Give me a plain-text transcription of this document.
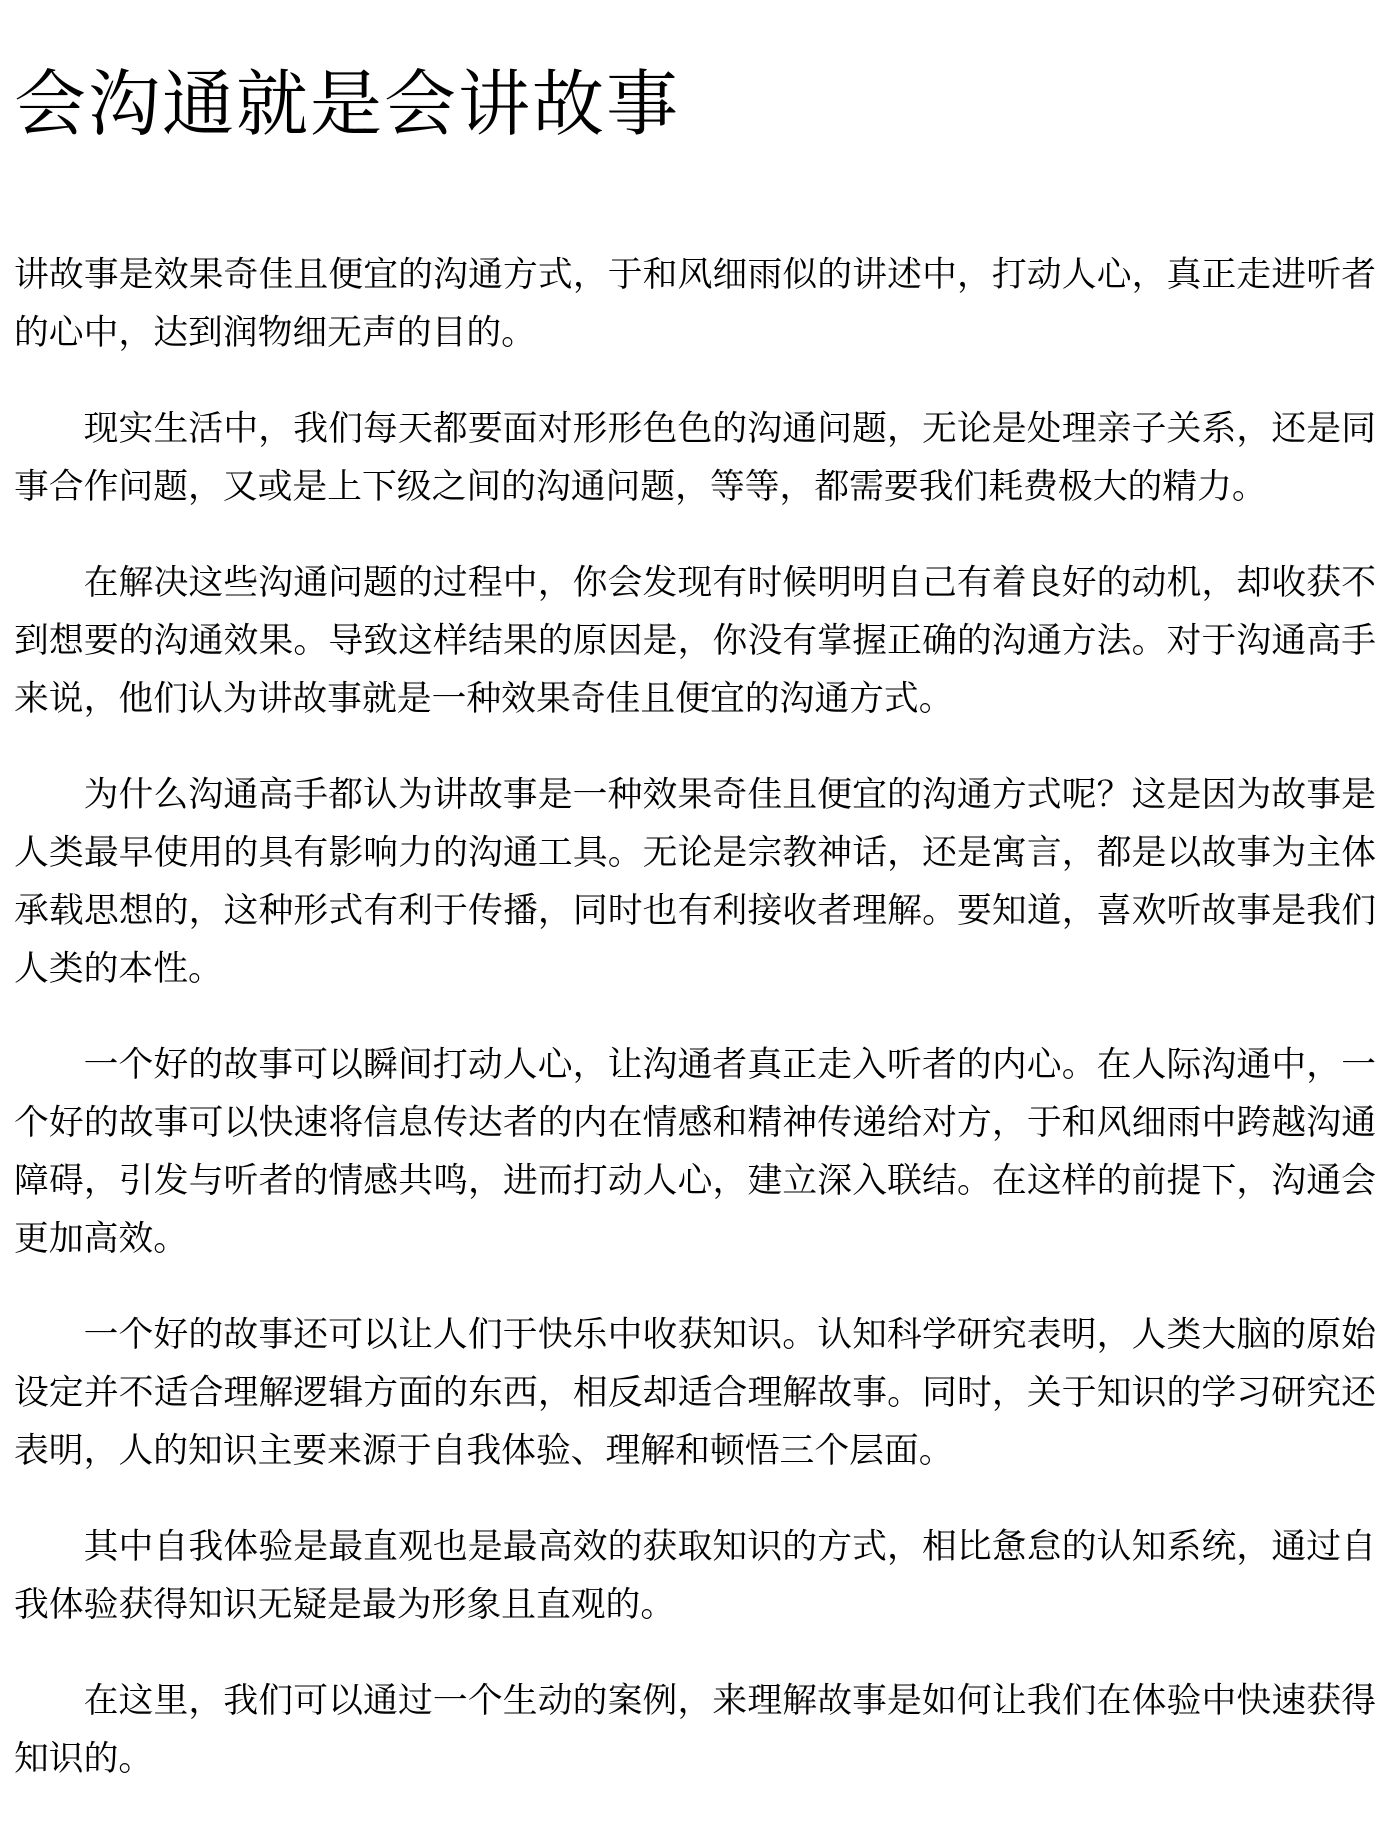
会沟通就是会讲故事

讲故事是效果奇佳且便宜的沟通方式，于和风细雨似的讲述中，打动人心，真正走进听者的心中，达到润物细无声的目的。

现实生活中，我们每天都要面对形形色色的沟通问题，无论是处理亲子关系，还是同事合作问题，又或是上下级之间的沟通问题，等等，都需要我们耗费极大的精力。

在解决这些沟通问题的过程中，你会发现有时候明明自己有着良好的动机，却收获不到想要的沟通效果。导致这样结果的原因是，你没有掌握正确的沟通方法。对于沟通高手来说，他们认为讲故事就是一种效果奇佳且便宜的沟通方式。

为什么沟通高手都认为讲故事是一种效果奇佳且便宜的沟通方式呢？这是因为故事是人类最早使用的具有影响力的沟通工具。无论是宗教神话，还是寓言，都是以故事为主体承载思想的，这种形式有利于传播，同时也有利接收者理解。要知道，喜欢听故事是我们人类的本性。

一个好的故事可以瞬间打动人心，让沟通者真正走入听者的内心。在人际沟通中，一个好的故事可以快速将信息传达者的内在情感和精神传递给对方，于和风细雨中跨越沟通障碍，引发与听者的情感共鸣，进而打动人心，建立深入联结。在这样的前提下，沟通会更加高效。

一个好的故事还可以让人们于快乐中收获知识。认知科学研究表明，人类大脑的原始设定并不适合理解逻辑方面的东西，相反却适合理解故事。同时，关于知识的学习研究还表明，人的知识主要来源于自我体验、理解和顿悟三个层面。

其中自我体验是最直观也是最高效的获取知识的方式，相比惫怠的认知系统，通过自我体验获得知识无疑是最为形象且直观的。

在这里，我们可以通过一个生动的案例，来理解故事是如何让我们在体验中快速获得知识的。
